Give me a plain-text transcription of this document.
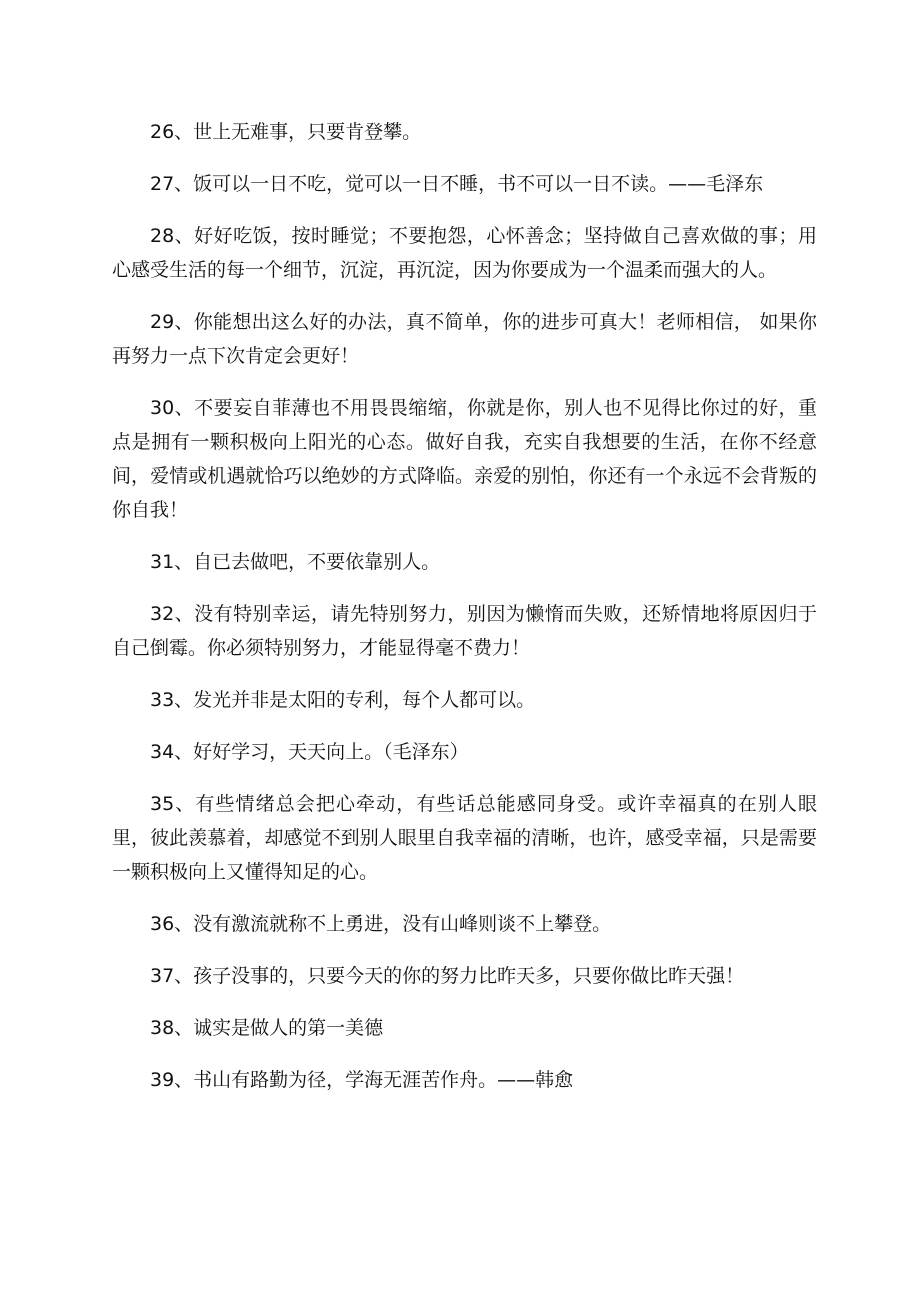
26、世上无难事，只要肯登攀。

27、饭可以一日不吃，觉可以一日不睡，书不可以一日不读。——毛泽东

28、好好吃饭，按时睡觉；不要抱怨，心怀善念；坚持做自己喜欢做的事；用心感受生活的每一个细节，沉淀，再沉淀，因为你要成为一个温柔而强大的人。

29、你能想出这么好的办法，真不简单，你的进步可真大！老师相信， 如果你再努力一点下次肯定会更好！

30、不要妄自菲薄也不用畏畏缩缩，你就是你，别人也不见得比你过的好，重点是拥有一颗积极向上阳光的心态。做好自我，充实自我想要的生活，在你不经意间，爱情或机遇就恰巧以绝妙的方式降临。亲爱的别怕，你还有一个永远不会背叛的你自我！

31、自已去做吧，不要依靠别人。

32、没有特别幸运，请先特别努力，别因为懒惰而失败，还矫情地将原因归于自己倒霉。你必须特别努力，才能显得毫不费力！

33、发光并非是太阳的专利，每个人都可以。

34、好好学习，天天向上。（毛泽东）

35、有些情绪总会把心牵动，有些话总能感同身受。或许幸福真的在别人眼里，彼此羡慕着，却感觉不到别人眼里自我幸福的清晰，也许，感受幸福，只是需要一颗积极向上又懂得知足的心。

36、没有激流就称不上勇进，没有山峰则谈不上攀登。

37、孩子没事的，只要今天的你的努力比昨天多，只要你做比昨天强！

38、诚实是做人的第一美德

39、书山有路勤为径，学海无涯苦作舟。——韩愈
